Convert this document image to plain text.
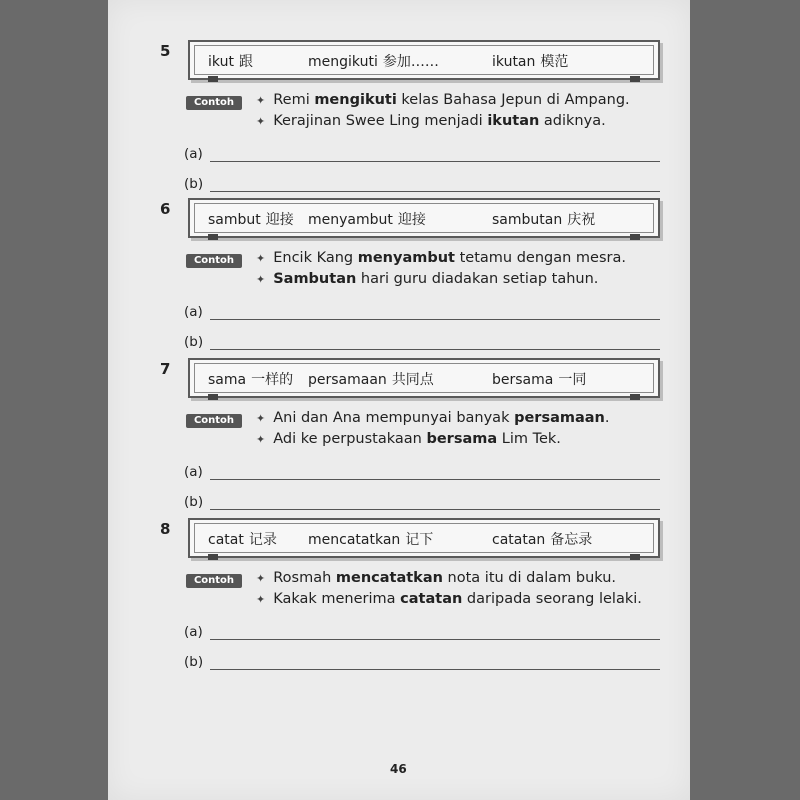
5
ikut 跟	mengikuti 参加……	ikutan 模范
Contoh	✦ Remi mengikuti kelas Bahasa Jepun di Ampang.
✦ Kerajinan Swee Ling menjadi ikutan adiknya.
(a)
(b)
6
sambut 迎接 menyambut 迎接	sambutan 庆祝
Contoh	✦ Encik Kang menyambut tetamu dengan mesra.
✦ Sambutan hari guru diadakan setiap tahun.
(a)
(b)
7
sama 一样的 persamaan 共同点	bersama 一同
Contoh	✦ Ani dan Ana mempunyai banyak persamaan.
✦ Adi ke perpustakaan bersama Lim Tek.
(a)
(b)
8
catat 记录 mencatatkan 记下	catatan 备忘录
Contoh	✦ Rosmah mencatatkan nota itu di dalam buku.
✦ Kakak menerima catatan daripada seorang lelaki.
(a)
(b)
46
